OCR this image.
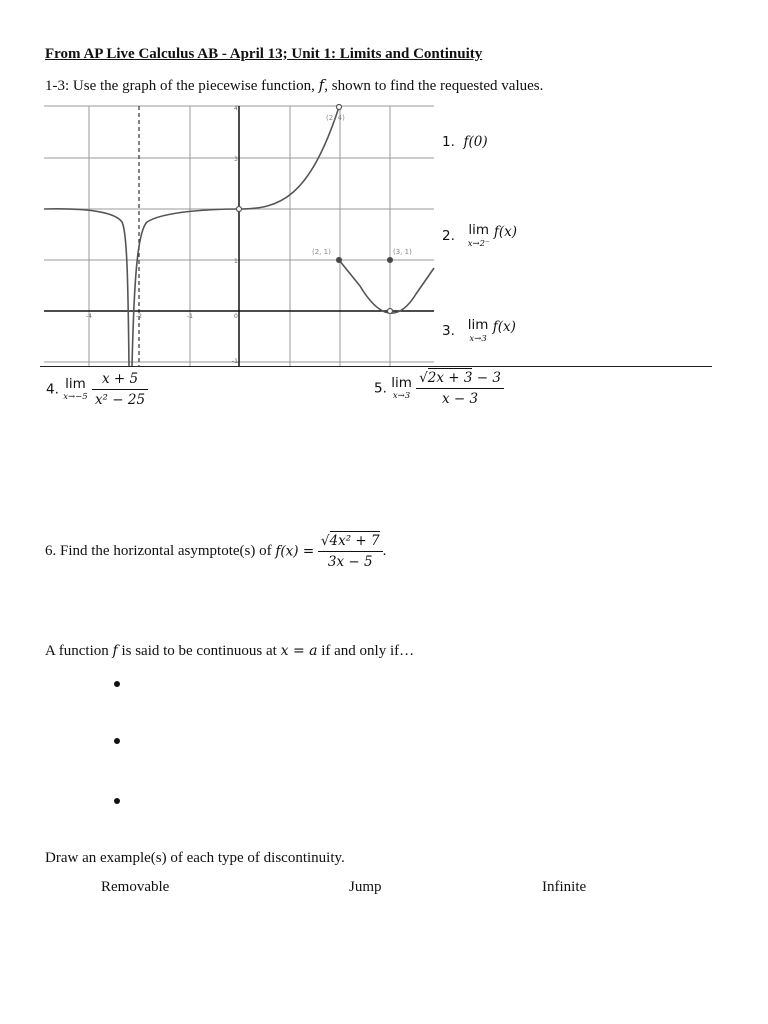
From AP Live Calculus AB - April 13; Unit 1: Limits and Continuity
1-3: Use the graph of the piecewise function, f, shown to find the requested values.
4
3
1
-1
-4	-2	-1	0
(2, 4)
(2, 1)	(3, 1)
1. f(0)
2. lim
x→2⁻
f(x)
3. lim
x→3
f(x)
4. lim
x→−5
$\frac{x + 5}{\text{x² − 25}}$	5. lim
x→3
$\frac{√2x + 3 - 3}{x - 3}$
6. Find the horizontal asymptote(s) of $f(x) = \frac{\text{√4x² + 7}}{3x - 5}$ .
A function f is said to be continuous at x = a if and only if…
Draw an example(s) of each type of discontinuity.
Removable	Jump	Infinite
